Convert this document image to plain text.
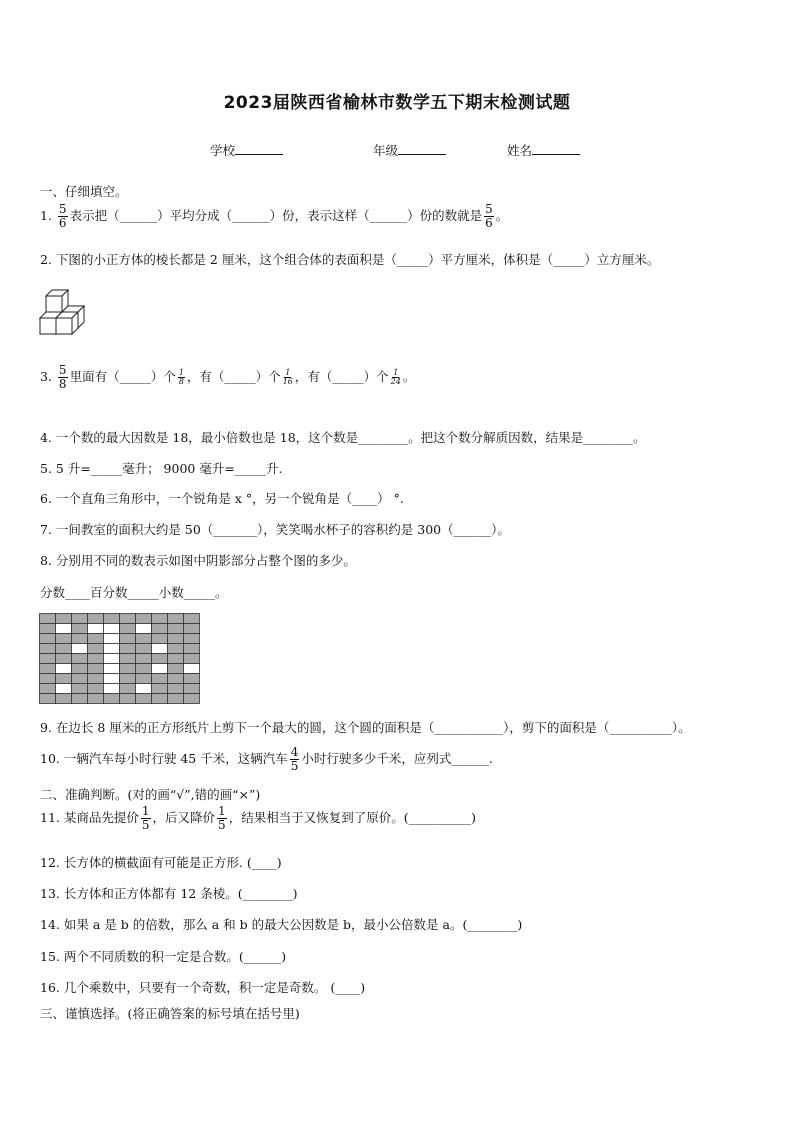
2023届陕西省榆林市数学五下期末检测试题
学校	年级	姓名
一、仔细填空。
1. $\frac{5}{6}$ 表示把（______）平均分成（______）份，表示这样（______）份的数就是 $\frac{5}{6}$ 。
2. 下图的小正方体的棱长都是 2 厘米，这个组合体的表面积是（_____）平方厘米，体积是（_____）立方厘米。
3. $\frac{5}{8}$ 里面有（_____）个 $\frac{1}{8}$ ，有（_____）个 $\frac{1}{16}$ ，有（_____）个 $\frac{1}{24}$ 。
4. 一个数的最大因数是 18，最小倍数也是 18，这个数是________。把这个数分解质因数，结果是________。
5. 5 升=_____毫升； 9000 毫升=_____升.
6. 一个直角三角形中，一个锐角是 x °，另一个锐角是（____） °.
7. 一间教室的面积大约是 50（_______），笑笑喝水杯子的容积约是 300（______）。
8. 分别用不同的数表示如图中阴影部分占整个图的多少。
分数____百分数_____小数_____。
9. 在边长 8 厘米的正方形纸片上剪下一个最大的圆，这个圆的面积是（___________），剪下的面积是（__________）。
10. 一辆汽车每小时行驶 45 千米，这辆汽车 $\frac{4}{5}$ 小时行驶多少千米，应列式______.
二、准确判断。(对的画“√”,错的画“×”)
11. 某商品先提价 $\frac{1}{5}$ ，后又降价 $\frac{1}{5}$ ，结果相当于又恢复到了原价。(__________)
12. 长方体的横截面有可能是正方形. (____)
13. 长方体和正方体都有 12 条棱。(________)
14. 如果 a 是 b 的倍数，那么 a 和 b 的最大公因数是 b，最小公倍数是 a。(________)
15. 两个不同质数的积一定是合数。(______)
16. 几个乘数中，只要有一个奇数，积一定是奇数。 (____)
三、谨慎选择。(将正确答案的标号填在括号里)
